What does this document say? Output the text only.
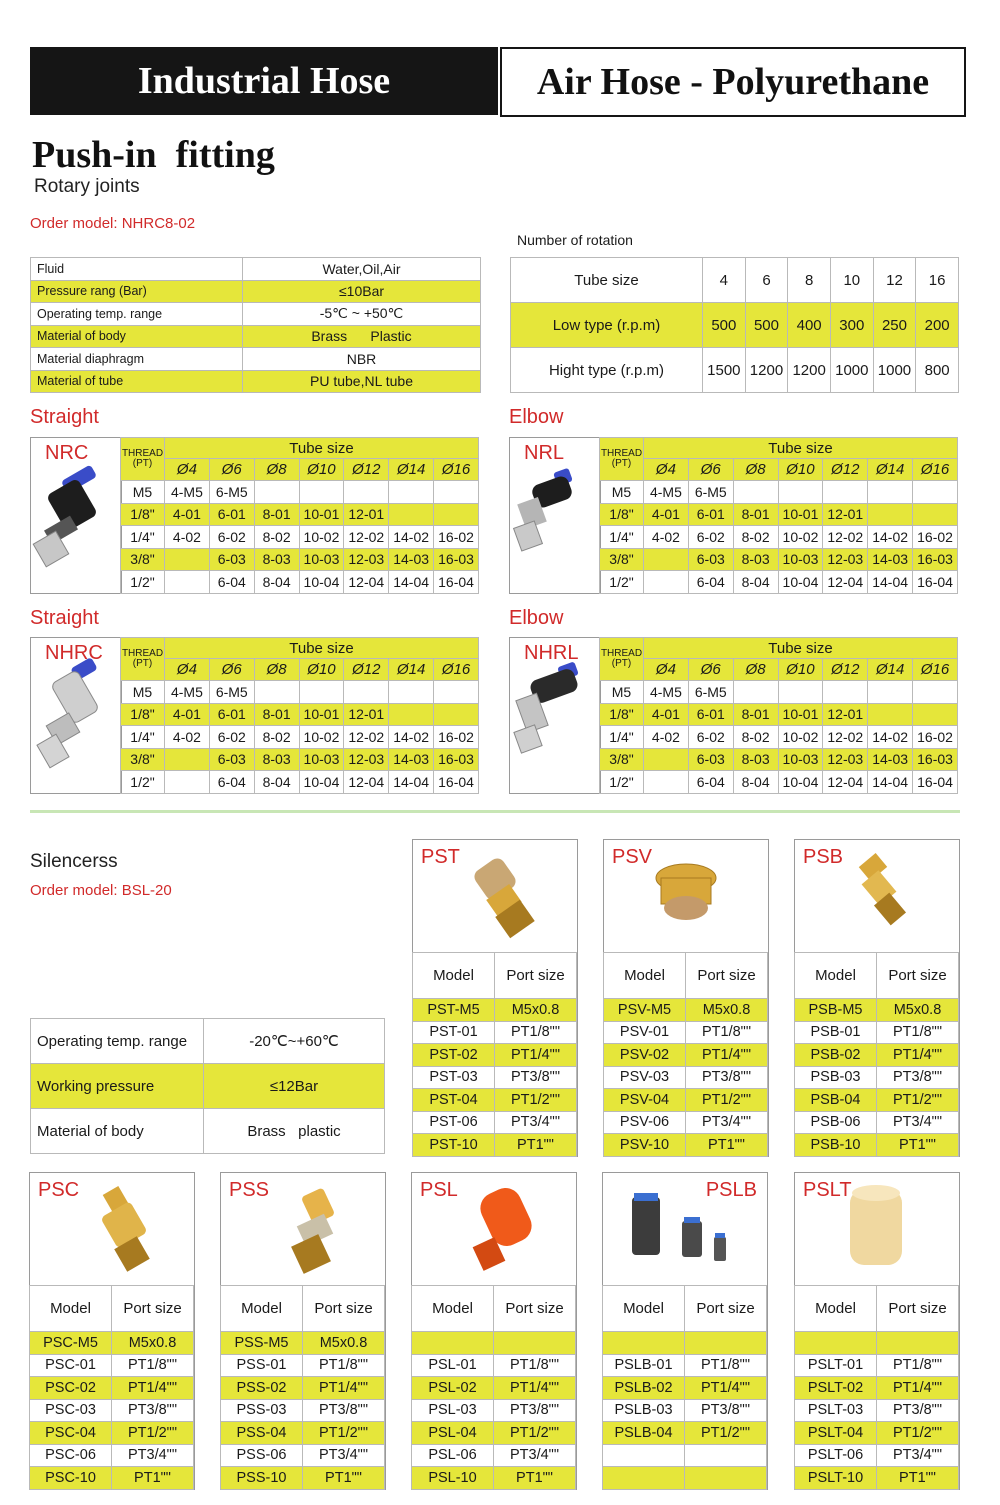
Industrial Hose	Air Hose - Polyurethane
Push-in  fitting
Rotary joints
Order model: NHRC8-02
Fluid	Water,Oil,Air
Pressure rang (Bar)	≤10Bar
Operating temp. range	-5℃ ~ +50℃
Material of body	Brass      Plastic
Material diaphragm	NBR
Material of tube	PU tube,NL tube
Number of rotation
Tube size	4	6	8	10	12	16
Low type (r.p.m)	500	500	400	300	250	200
Hight type (r.p.m)	1500	1200	1200	1000	1000	800
Straight
NRC	THREAD
(PT)	Tube size						
	Ø4	Ø6	Ø8	Ø10	Ø12	Ø14	Ø16
M5	4-M5	6-M5					
1/8"	4-01	6-01	8-01	10-01	12-01		
1/4"	4-02	6-02	8-02	10-02	12-02	14-02	16-02
3/8"		6-03	8-03	10-03	12-03	14-03	16-03
1/2"		6-04	8-04	10-04	12-04	14-04	16-04
Elbow
NRL	THREAD
(PT)	Tube size						
	Ø4	Ø6	Ø8	Ø10	Ø12	Ø14	Ø16
M5	4-M5	6-M5					
1/8"	4-01	6-01	8-01	10-01	12-01		
1/4"	4-02	6-02	8-02	10-02	12-02	14-02	16-02
3/8"		6-03	8-03	10-03	12-03	14-03	16-03
1/2"		6-04	8-04	10-04	12-04	14-04	16-04
Straight
NHRC THREAD
(PT)	Tube size						
	Ø4	Ø6	Ø8	Ø10	Ø12	Ø14	Ø16
M5	4-M5	6-M5					
1/8"	4-01	6-01	8-01	10-01	12-01		
1/4"	4-02	6-02	8-02	10-02	12-02	14-02	16-02
3/8"		6-03	8-03	10-03	12-03	14-03	16-03
1/2"		6-04	8-04	10-04	12-04	14-04	16-04
Elbow
NHRL THREAD
(PT)	Tube size						
	Ø4	Ø6	Ø8	Ø10	Ø12	Ø14	Ø16
M5	4-M5	6-M5					
1/8"	4-01	6-01	8-01	10-01	12-01		
1/4"	4-02	6-02	8-02	10-02	12-02	14-02	16-02
3/8"		6-03	8-03	10-03	12-03	14-03	16-03
1/2"		6-04	8-04	10-04	12-04	14-04	16-04
Silencerss
Order model: BSL-20
Operating temp. range	-20℃~+60℃
Working pressure	≤12Bar
Material of body	Brass   plastic
PST
Model	Port size
PST-M5	M5x0.8
PST-01	PT1/8""
PST-02	PT1/4""
PST-03	PT3/8""
PST-04	PT1/2""
PST-06	PT3/4""
PST-10	PT1""
PSV
Model	Port size
PSV-M5	M5x0.8
PSV-01	PT1/8""
PSV-02	PT1/4""
PSV-03	PT3/8""
PSV-04	PT1/2""
PSV-06	PT3/4""
PSV-10	PT1""
PSB
Model	Port size
PSB-M5	M5x0.8
PSB-01	PT1/8""
PSB-02	PT1/4""
PSB-03	PT3/8""
PSB-04	PT1/2""
PSB-06	PT3/4""
PSB-10	PT1""
PSC
Model	Port size
PSC-M5	M5x0.8
PSC-01	PT1/8""
PSC-02	PT1/4""
PSC-03	PT3/8""
PSC-04	PT1/2""
PSC-06	PT3/4""
PSC-10	PT1""
PSS
Model	Port size
PSS-M5	M5x0.8
PSS-01	PT1/8""
PSS-02	PT1/4""
PSS-03	PT3/8""
PSS-04	PT1/2""
PSS-06	PT3/4""
PSS-10	PT1""
PSL
Model	Port size

PSL-01	PT1/8""
PSL-02	PT1/4""
PSL-03	PT3/8""
PSL-04	PT1/2""
PSL-06	PT3/4""
PSL-10	PT1""
PSLB
Model	Port size

PSLB-01	PT1/8""
PSLB-02	PT1/4""
PSLB-03	PT3/8""
PSLB-04	PT1/2""

PSLT
Model	Port size

PSLT-01	PT1/8""
PSLT-02	PT1/4""
PSLT-03	PT3/8""
PSLT-04	PT1/2""
PSLT-06	PT3/4""
PSLT-10	PT1""
